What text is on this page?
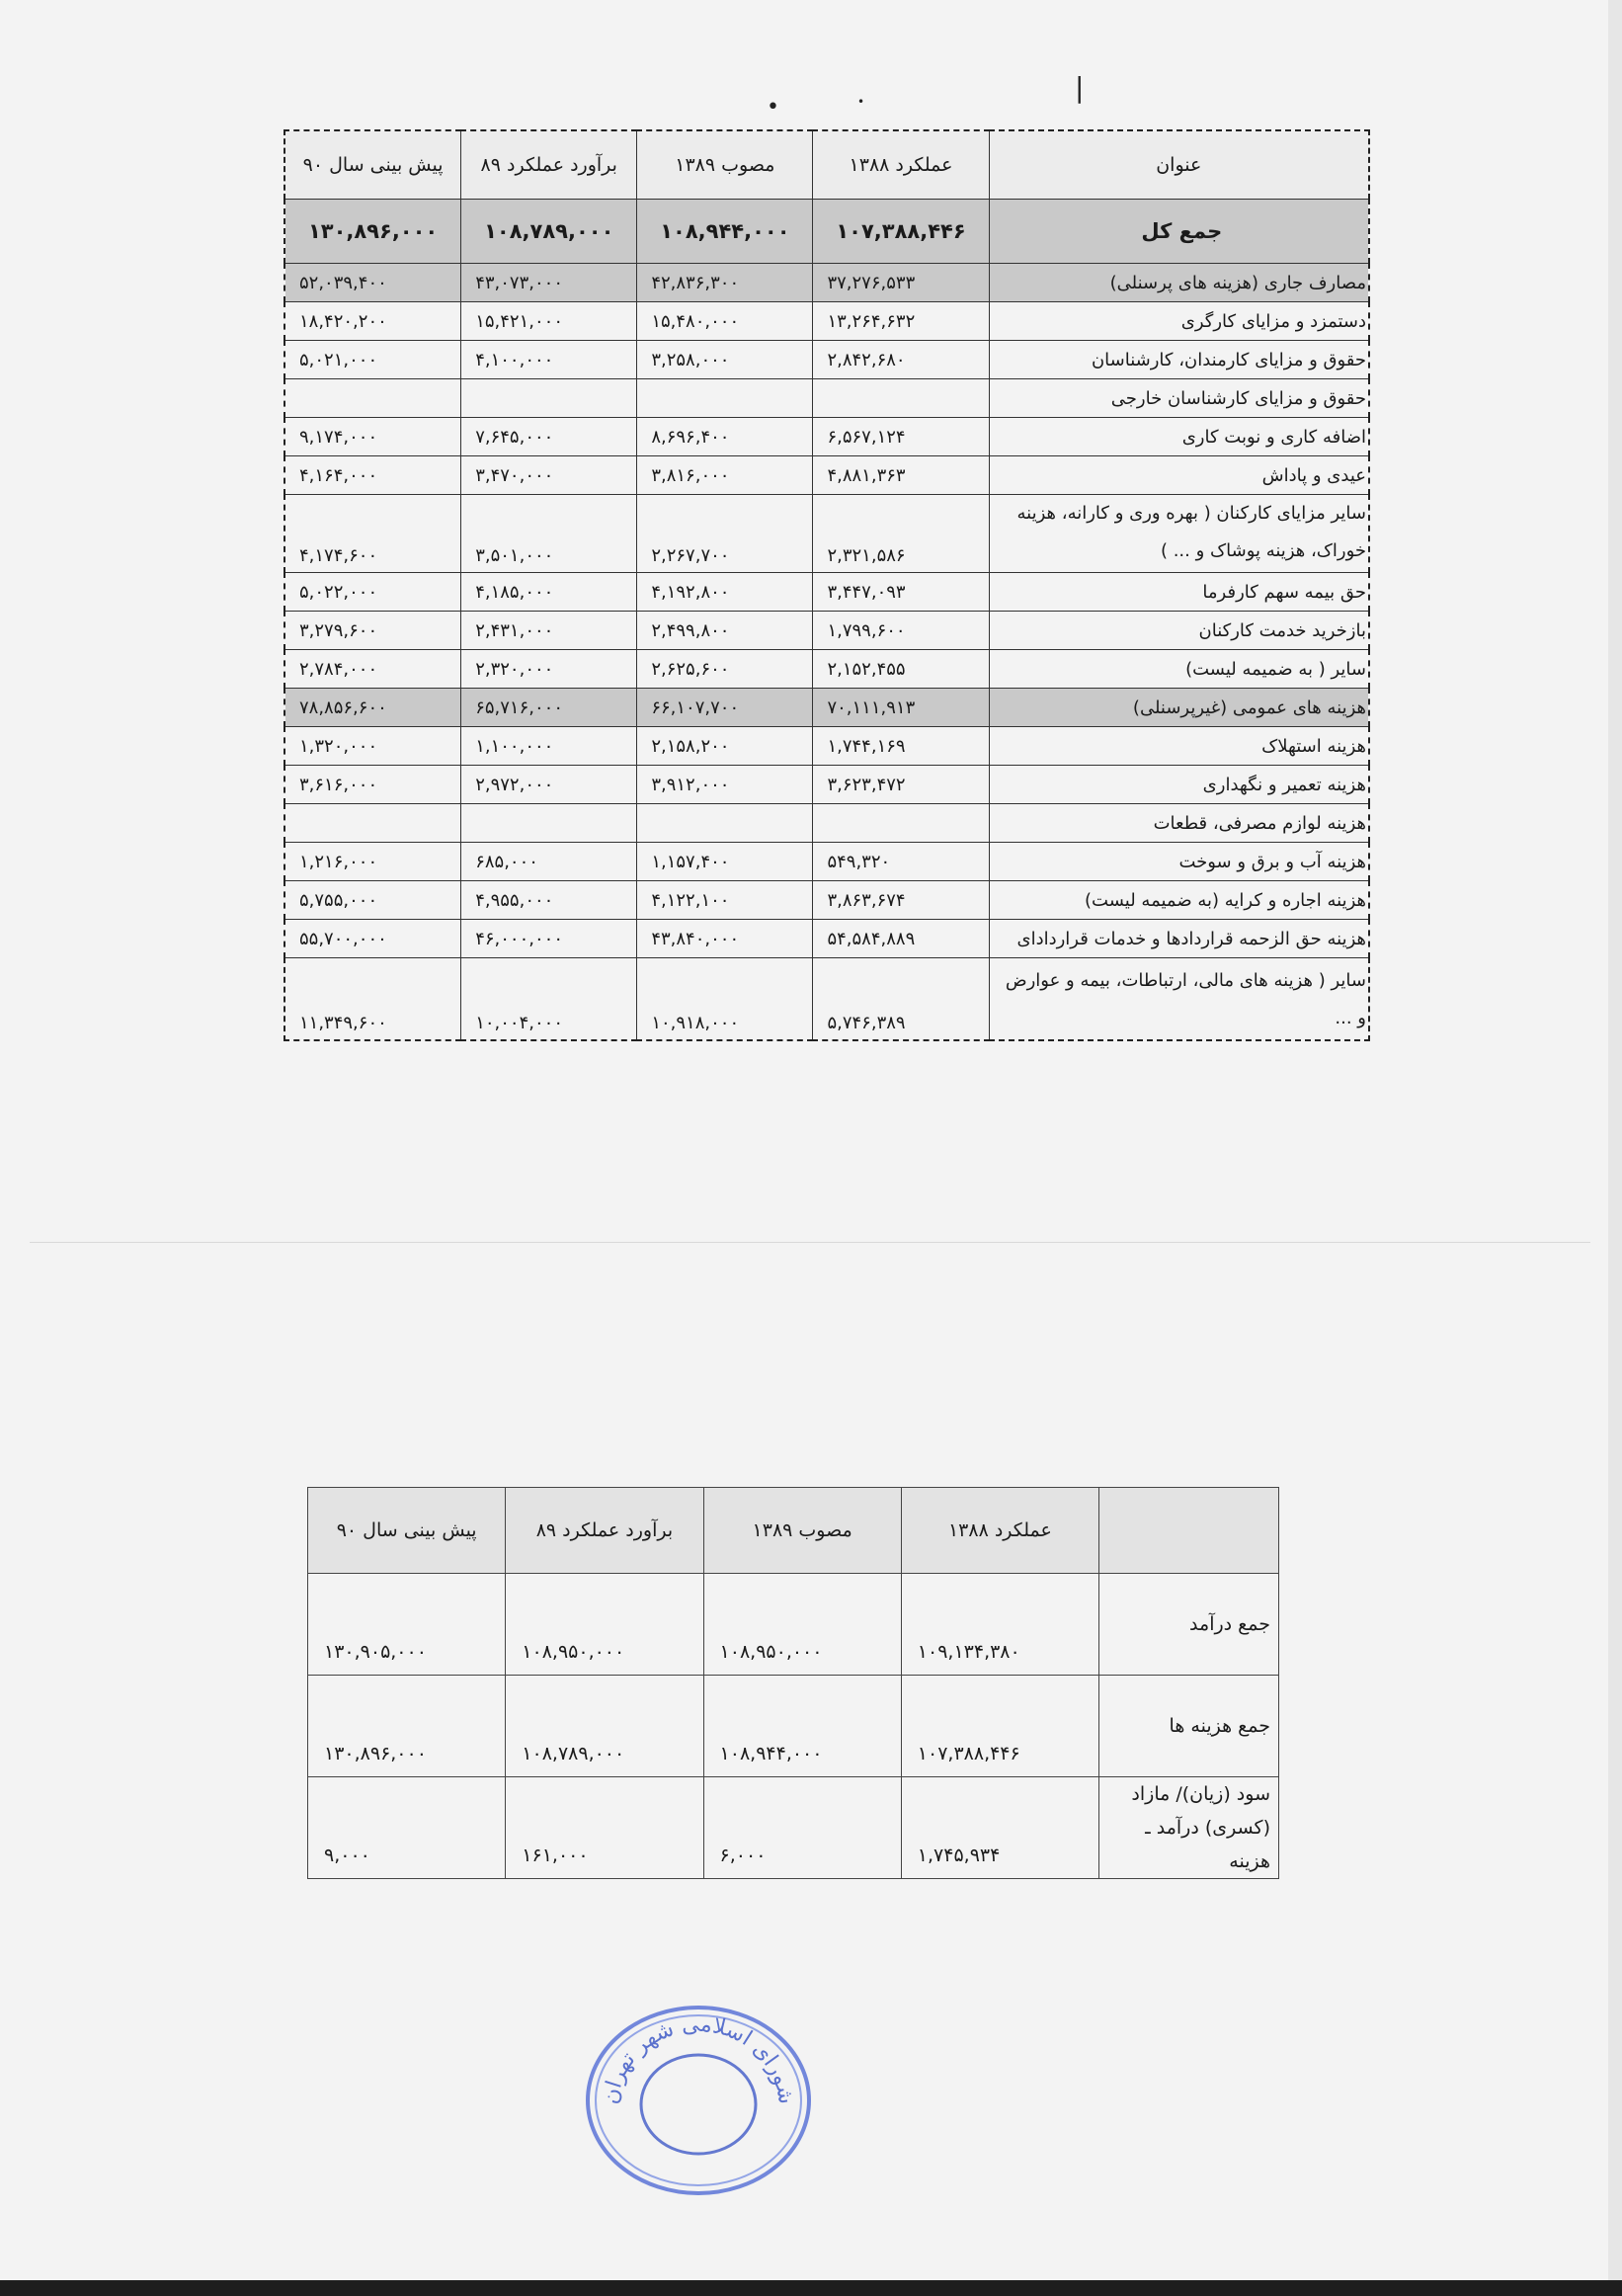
•	•	|
عنوان	عملکرد ۱۳۸۸	مصوب ۱۳۸۹	برآورد عملکرد ۸۹	پیش بینی سال ۹۰
جمع کل	۱۰۷,۳۸۸,۴۴۶	۱۰۸,۹۴۴,۰۰۰	۱۰۸,۷۸۹,۰۰۰	۱۳۰,۸۹۶,۰۰۰
مصارف جاری (هزینه های پرسنلی)	۳۷,۲۷۶,۵۳۳	۴۲,۸۳۶,۳۰۰	۴۳,۰۷۳,۰۰۰	۵۲,۰۳۹,۴۰۰
دستمزد و مزایای کارگری	۱۳,۲۶۴,۶۳۲	۱۵,۴۸۰,۰۰۰	۱۵,۴۲۱,۰۰۰	۱۸,۴۲۰,۲۰۰
حقوق و مزایای کارمندان، کارشناسان	۲,۸۴۲,۶۸۰	۳,۲۵۸,۰۰۰	۴,۱۰۰,۰۰۰	۵,۰۲۱,۰۰۰
حقوق و مزایای کارشناسان خارجی				
اضافه کاری و نوبت کاری	۶,۵۶۷,۱۲۴	۸,۶۹۶,۴۰۰	۷,۶۴۵,۰۰۰	۹,۱۷۴,۰۰۰
عیدی و پاداش	۴,۸۸۱,۳۶۳	۳,۸۱۶,۰۰۰	۳,۴۷۰,۰۰۰	۴,۱۶۴,۰۰۰
سایر مزایای کارکنان ( بهره وری و کارانه، هزینه خوراک، هزینه پوشاک و ... )	۲,۳۲۱,۵۸۶	۲,۲۶۷,۷۰۰	۳,۵۰۱,۰۰۰	۴,۱۷۴,۶۰۰
حق بیمه سهم کارفرما	۳,۴۴۷,۰۹۳	۴,۱۹۲,۸۰۰	۴,۱۸۵,۰۰۰	۵,۰۲۲,۰۰۰
بازخرید خدمت کارکنان	۱,۷۹۹,۶۰۰	۲,۴۹۹,۸۰۰	۲,۴۳۱,۰۰۰	۳,۲۷۹,۶۰۰
سایر ( به ضمیمه لیست)	۲,۱۵۲,۴۵۵	۲,۶۲۵,۶۰۰	۲,۳۲۰,۰۰۰	۲,۷۸۴,۰۰۰
هزینه های عمومی (غیرپرسنلی)	۷۰,۱۱۱,۹۱۳	۶۶,۱۰۷,۷۰۰	۶۵,۷۱۶,۰۰۰	۷۸,۸۵۶,۶۰۰
هزینه استهلاک	۱,۷۴۴,۱۶۹	۲,۱۵۸,۲۰۰	۱,۱۰۰,۰۰۰	۱,۳۲۰,۰۰۰
هزینه تعمیر و نگهداری	۳,۶۲۳,۴۷۲	۳,۹۱۲,۰۰۰	۲,۹۷۲,۰۰۰	۳,۶۱۶,۰۰۰
هزینه لوازم مصرفی، قطعات				
هزینه آب و برق و سوخت	۵۴۹,۳۲۰	۱,۱۵۷,۴۰۰	۶۸۵,۰۰۰	۱,۲۱۶,۰۰۰
هزینه اجاره و کرایه (به ضمیمه لیست)	۳,۸۶۳,۶۷۴	۴,۱۲۲,۱۰۰	۴,۹۵۵,۰۰۰	۵,۷۵۵,۰۰۰
هزینه حق الزحمه قراردادها و خدمات قراردادای	۵۴,۵۸۴,۸۸۹	۴۳,۸۴۰,۰۰۰	۴۶,۰۰۰,۰۰۰	۵۵,۷۰۰,۰۰۰
سایر ( هزینه های مالی، ارتباطات، بیمه و عوارض و ...	۵,۷۴۶,۳۸۹	۱۰,۹۱۸,۰۰۰	۱۰,۰۰۴,۰۰۰	۱۱,۳۴۹,۶۰۰
	عملکرد ۱۳۸۸	مصوب ۱۳۸۹	برآورد عملکرد ۸۹	پیش بینی سال ۹۰
جمع درآمد	۱۰۹,۱۳۴,۳۸۰	۱۰۸,۹۵۰,۰۰۰	۱۰۸,۹۵۰,۰۰۰	۱۳۰,۹۰۵,۰۰۰
جمع هزینه ها	۱۰۷,۳۸۸,۴۴۶	۱۰۸,۹۴۴,۰۰۰	۱۰۸,۷۸۹,۰۰۰	۱۳۰,۸۹۶,۰۰۰
سود (زیان)/ مازاد (کسری) درآمد ـ هزینه	۱,۷۴۵,۹۳۴	۶,۰۰۰	۱۶۱,۰۰۰	۹,۰۰۰
شورای اسلامی شهر تهران
